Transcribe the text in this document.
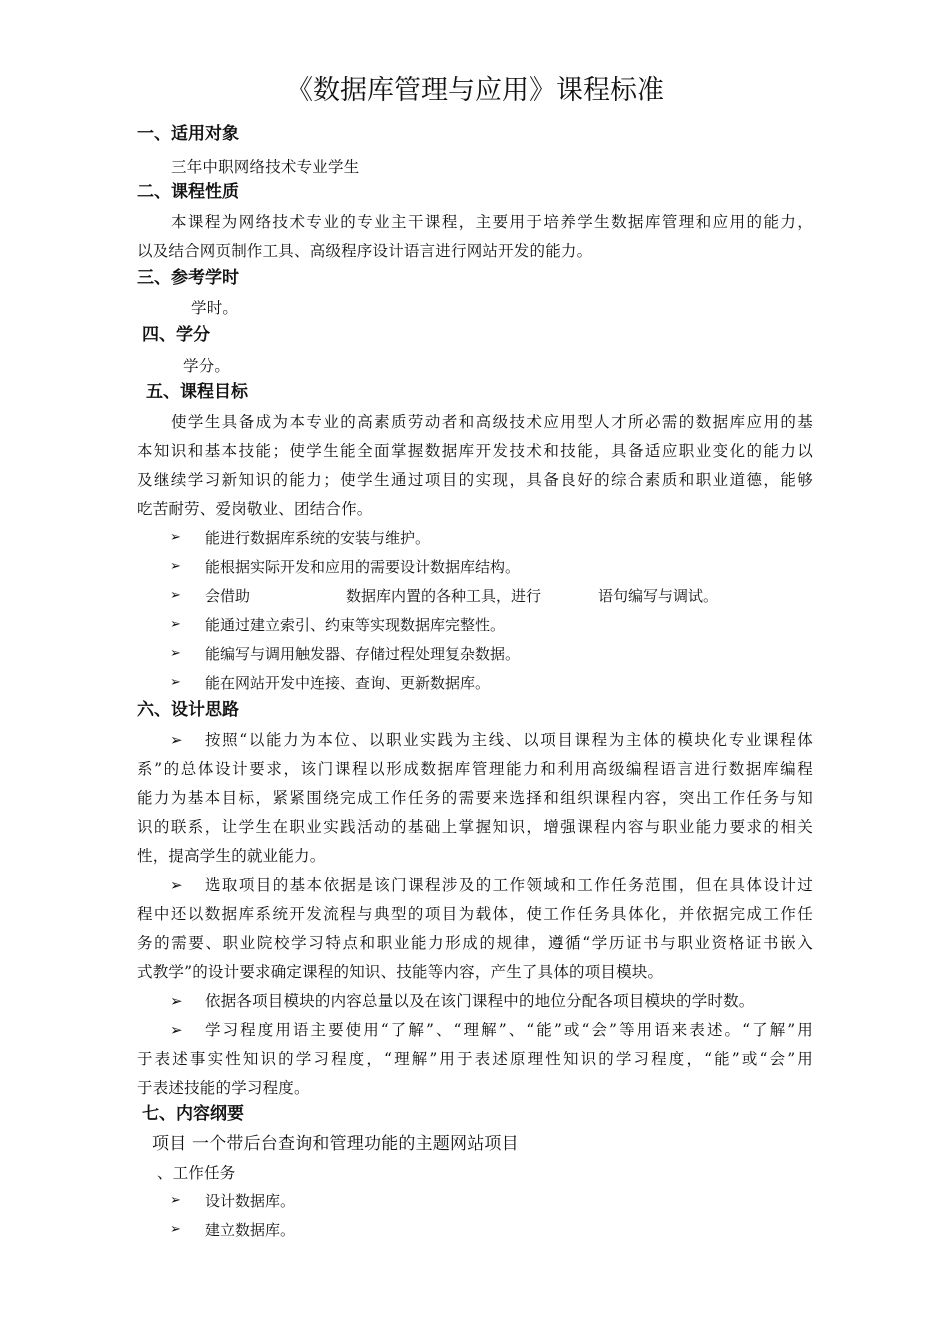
《数据库管理与应用》课程标准
一、适用对象
三年中职网络技术专业学生
二、课程性质
本课程为网络技术专业的专业主干课程，主要用于培养学生数据库管理和应用的能力，
以及结合网页制作工具、高级程序设计语言进行网站开发的能力。
三、参考学时
学时。
四、学分
学分。
五、课程目标
使学生具备成为本专业的高素质劳动者和高级技术应用型人才所必需的数据库应用的基
本知识和基本技能；使学生能全面掌握数据库开发技术和技能，具备适应职业变化的能力以
及继续学习新知识的能力；使学生通过项目的实现，具备良好的综合素质和职业道德，能够
吃苦耐劳、爱岗敬业、团结合作。
➢ 能进行数据库系统的安装与维护。
➢ 能根据实际开发和应用的需要设计数据库结构。
➢ 会借助	数据库内置的各种工具，进行	语句编写与调试。
➢ 能通过建立索引、约束等实现数据库完整性。
➢ 能编写与调用触发器、存储过程处理复杂数据。
➢ 能在网站开发中连接、查询、更新数据库。
六、设计思路
➢ 按照“以能力为本位、以职业实践为主线、以项目课程为主体的模块化专业课程体
系”的总体设计要求，该门课程以形成数据库管理能力和利用高级编程语言进行数据库编程
能力为基本目标，紧紧围绕完成工作任务的需要来选择和组织课程内容，突出工作任务与知
识的联系，让学生在职业实践活动的基础上掌握知识，增强课程内容与职业能力要求的相关
性，提高学生的就业能力。
➢ 选取项目的基本依据是该门课程涉及的工作领域和工作任务范围，但在具体设计过
程中还以数据库系统开发流程与典型的项目为载体，使工作任务具体化，并依据完成工作任
务的需要、职业院校学习特点和职业能力形成的规律，遵循“学历证书与职业资格证书嵌入
式教学”的设计要求确定课程的知识、技能等内容，产生了具体的项目模块。
➢ 依据各项目模块的内容总量以及在该门课程中的地位分配各项目模块的学时数。
➢ 学习程度用语主要使用“了解”、“理解”、“能”或“会”等用语来表述。“了解”用
于表述事实性知识的学习程度，“理解”用于表述原理性知识的学习程度，“能”或“会”用
于表述技能的学习程度。
七、内容纲要
项目 一个带后台查询和管理功能的主题网站项目
、工作任务
➢ 设计数据库。
➢ 建立数据库。
